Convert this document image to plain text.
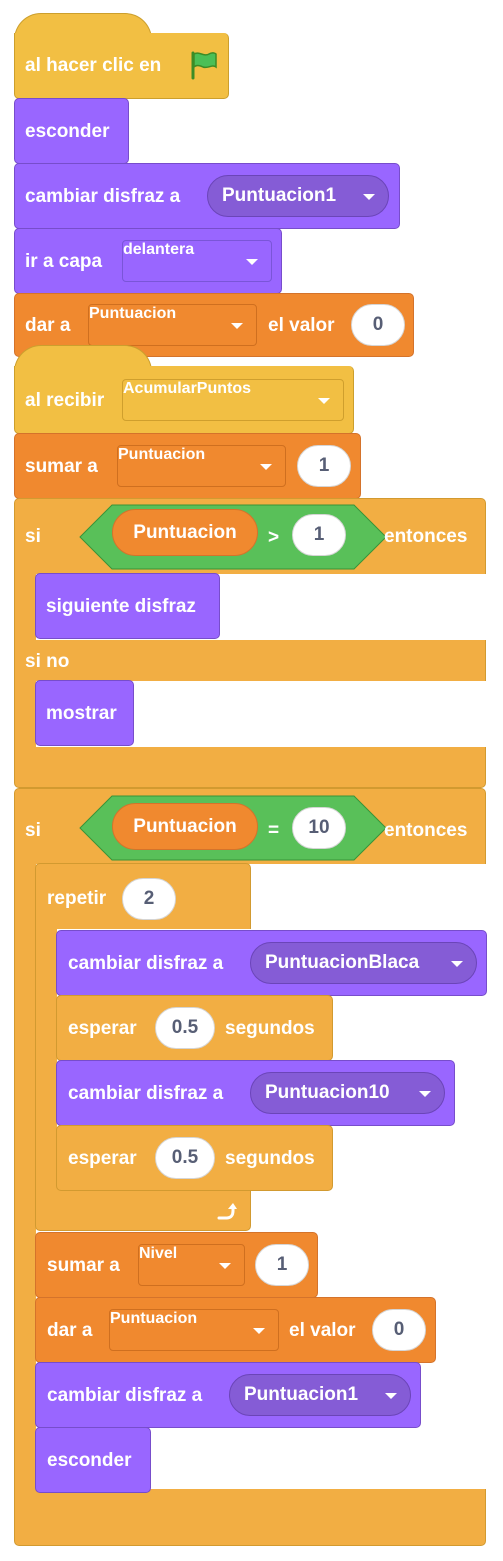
al hacer clic en
esconder
cambiar disfraz a Puntuacion1
ir a capa
delantera
dar a
Puntuacion
el valor	0
al recibir
AcumularPuntos
sumar a
Puntuacion
1
si	Puntuacion	>	1	entonces
si no
siguiente disfraz
mostrar
si	Puntuacion	=	10	entonces
repetir	2
cambiar disfraz a PuntuacionBlaca
esperar	0.5	segundos
cambiar disfraz a Puntuacion10
esperar	0.5	segundos
sumar a
Nivel
1
dar a
Puntuacion
el valor	0
cambiar disfraz a Puntuacion1
esconder
